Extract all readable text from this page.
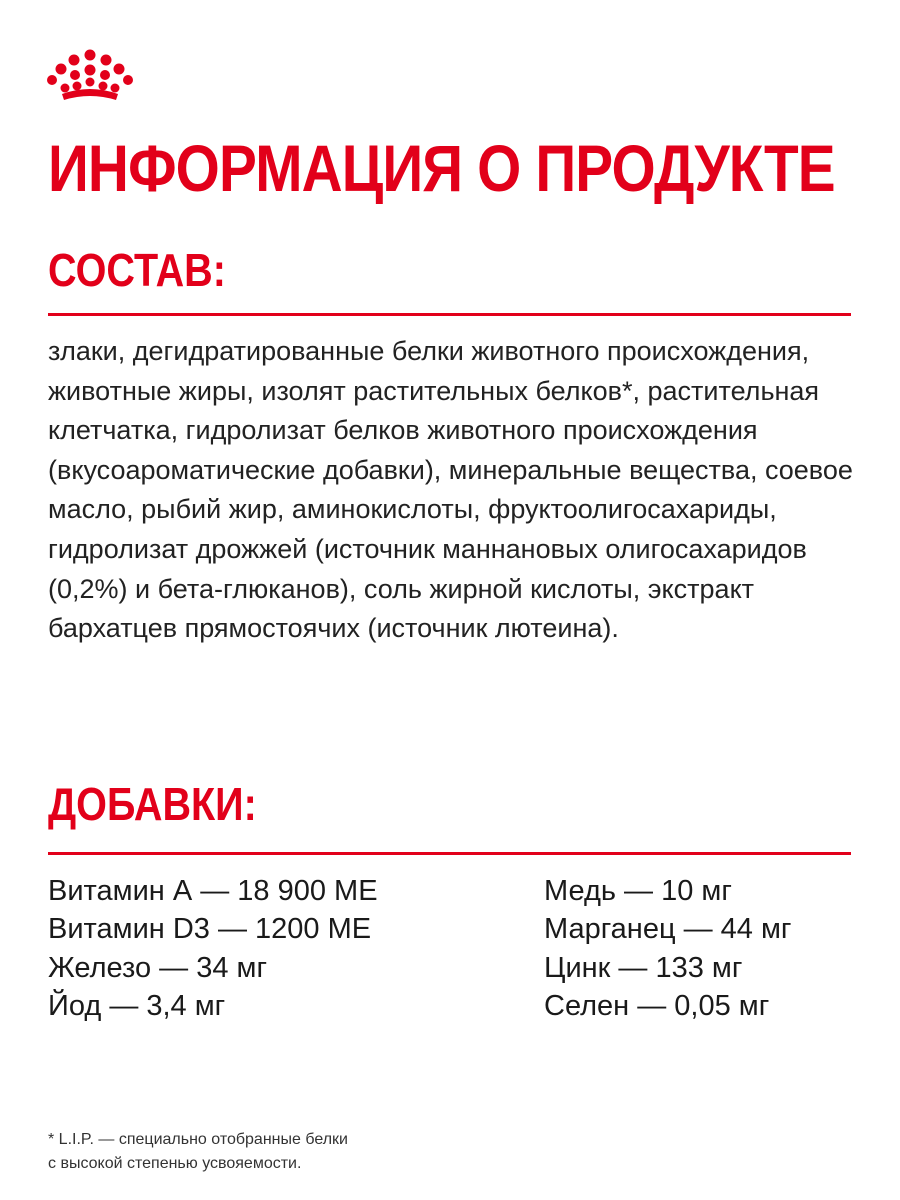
ИНФОРМАЦИЯ О ПРОДУКТЕ
СОСТАВ:

злаки, дегидратированные белки животного происхождения, животные жиры, изолят растительных белков*, растительная клетчатка, гидролизат белков животного происхождения (вкусоароматические добавки), минеральные вещества, соевое масло, рыбий жир, аминокислоты, фруктоолигосахариды, гидролизат дрожжей (источник маннановых олигосахаридов (0,2%) и бета-глюканов), соль жирной кислоты, экстракт бархатцев прямостоячих (источник лютеина).

ДОБАВКИ:
Витамин А — 18 900 МЕ
Витамин D3 — 1200 МЕ
Железо — 34 мг
Йод — 3,4 мг
Медь — 10 мг
Марганец — 44 мг
Цинк — 133 мг
Селен — 0,05 мг

* L.I.P. — специально отобранные белки
с высокой степенью усвояемости.
